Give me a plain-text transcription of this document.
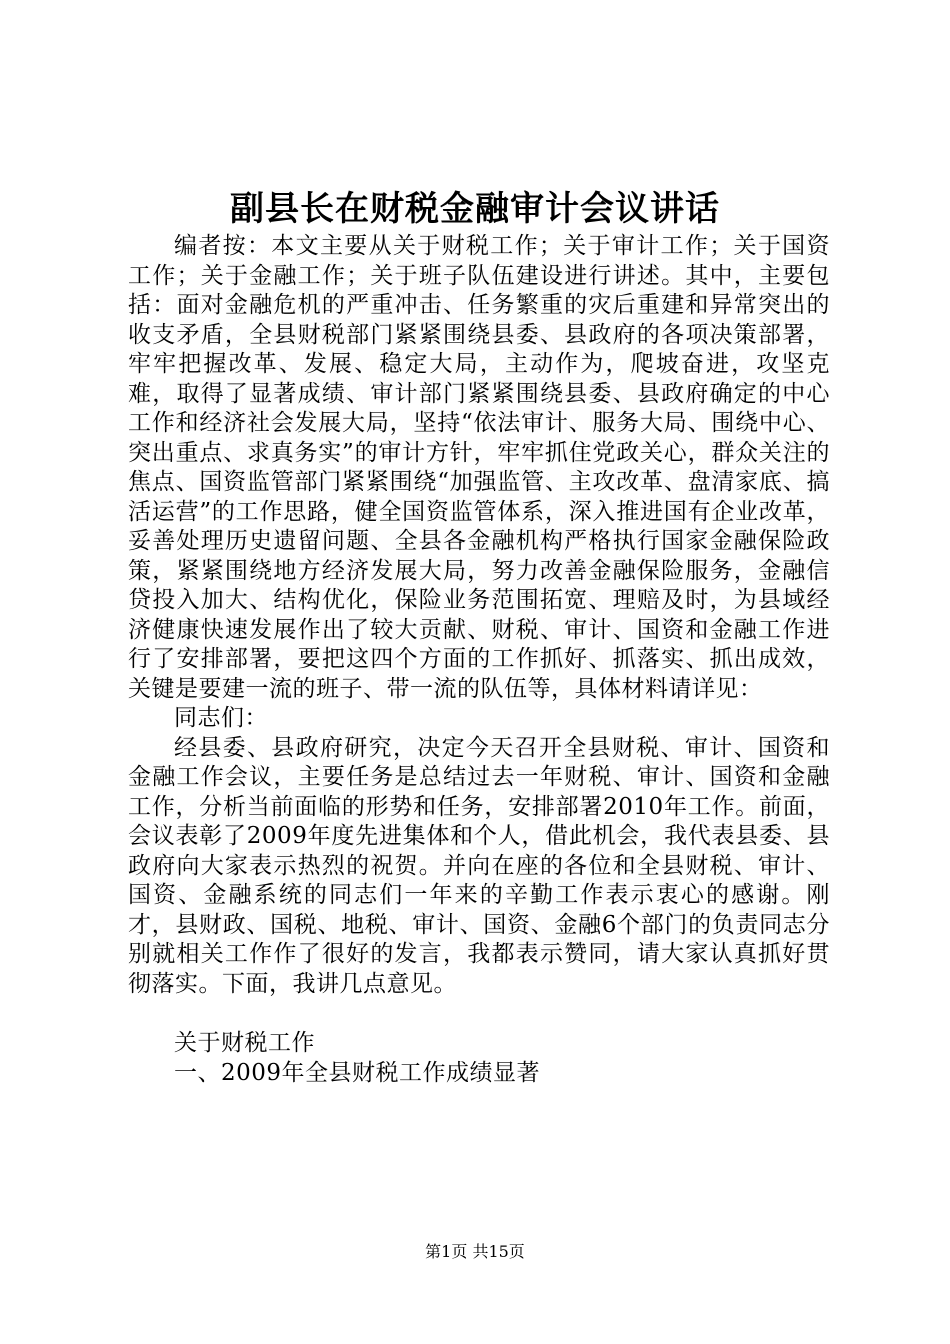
副县长在财税金融审计会议讲话

编者按：本文主要从关于财税工作；关于审计工作；关于国资工作；关于金融工作；关于班子队伍建设进行讲述。其中，主要包括：面对金融危机的严重冲击、任务繁重的灾后重建和异常突出的收支矛盾，全县财税部门紧紧围绕县委、县政府的各项决策部署，牢牢把握改革、发展、稳定大局，主动作为，爬坡奋进，攻坚克难，取得了显著成绩、审计部门紧紧围绕县委、县政府确定的中心工作和经济社会发展大局，坚持“依法审计、服务大局、围绕中心、突出重点、求真务实”的审计方针，牢牢抓住党政关心，群众关注的焦点、国资监管部门紧紧围绕“加强监管、主攻改革、盘清家底、搞活运营”的工作思路，健全国资监管体系，深入推进国有企业改革，妥善处理历史遗留问题、全县各金融机构严格执行国家金融保险政策，紧紧围绕地方经济发展大局，努力改善金融保险服务，金融信贷投入加大、结构优化，保险业务范围拓宽、理赔及时，为县域经济健康快速发展作出了较大贡献、财税、审计、国资和金融工作进行了安排部署，要把这四个方面的工作抓好、抓落实、抓出成效，关键是要建一流的班子、带一流的队伍等，具体材料请详见：

同志们：

经县委、县政府研究，决定今天召开全县财税、审计、国资和金融工作会议，主要任务是总结过去一年财税、审计、国资和金融工作，分析当前面临的形势和任务，安排部署2010年工作。前面，会议表彰了2009年度先进集体和个人，借此机会，我代表县委、县政府向大家表示热烈的祝贺。并向在座的各位和全县财税、审计、国资、金融系统的同志们一年来的辛勤工作表示衷心的感谢。刚才，县财政、国税、地税、审计、国资、金融6个部门的负责同志分别就相关工作作了很好的发言，我都表示赞同，请大家认真抓好贯彻落实。下面，我讲几点意见。

关于财税工作

一、2009年全县财税工作成绩显著

第1页 共15页
